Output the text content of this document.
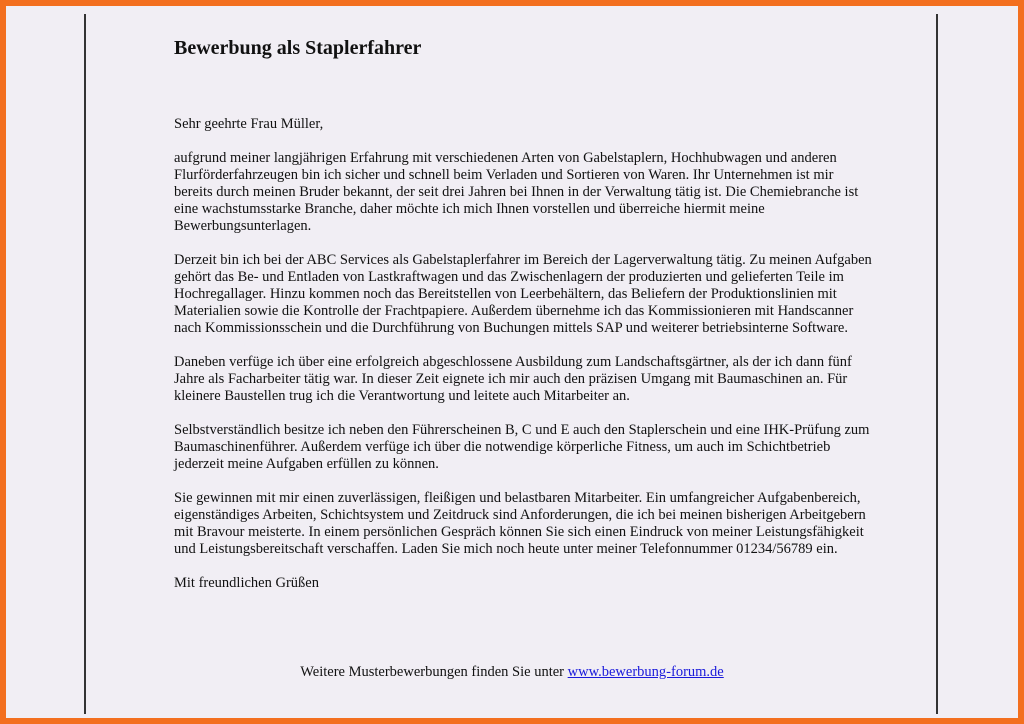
Bewerbung als Staplerfahrer

Sehr geehrte Frau Müller,

aufgrund meiner langjährigen Erfahrung mit verschiedenen Arten von Gabelstaplern, Hochhubwagen und anderen Flurförderfahrzeugen bin ich sicher und schnell beim Verladen und Sortieren von Waren. Ihr Unternehmen ist mir bereits durch meinen Bruder bekannt, der seit drei Jahren bei Ihnen in der Verwaltung tätig ist. Die Chemiebranche ist eine wachstumsstarke Branche, daher möchte ich mich Ihnen vorstellen und überreiche hiermit meine Bewerbungsunterlagen.

Derzeit bin ich bei der ABC Services als Gabelstaplerfahrer im Bereich der Lagerverwaltung tätig. Zu meinen Aufgaben gehört das Be- und Entladen von Lastkraftwagen und das Zwischenlagern der produzierten und gelieferten Teile im Hochregallager. Hinzu kommen noch das Bereitstellen von Leerbehältern, das Beliefern der Produktionslinien mit Materialien sowie die Kontrolle der Frachtpapiere. Außerdem übernehme ich das Kommissionieren mit Handscanner nach Kommissionsschein und die Durchführung von Buchungen mittels SAP und weiterer betriebsinterne Software.

Daneben verfüge ich über eine erfolgreich abgeschlossene Ausbildung zum Landschaftsgärtner, als der ich dann fünf Jahre als Facharbeiter tätig war. In dieser Zeit eignete ich mir auch den präzisen Umgang mit Baumaschinen an. Für kleinere Baustellen trug ich die Verantwortung und leitete auch Mitarbeiter an.

Selbstverständlich besitze ich neben den Führerscheinen B, C und E auch den Staplerschein und eine IHK-Prüfung zum Baumaschinenführer. Außerdem verfüge ich über die notwendige körperliche Fitness, um auch im Schichtbetrieb jederzeit meine Aufgaben erfüllen zu können.

Sie gewinnen mit mir einen zuverlässigen, fleißigen und belastbaren Mitarbeiter. Ein umfangreicher Aufgabenbereich, eigenständiges Arbeiten, Schichtsystem und Zeitdruck sind Anforderungen, die ich bei meinen bisherigen Arbeitgebern mit Bravour meisterte. In einem persönlichen Gespräch können Sie sich einen Eindruck von meiner Leistungsfähigkeit und Leistungsbereitschaft verschaffen. Laden Sie mich noch heute unter meiner Telefonnummer 01234/56789 ein.

Mit freundlichen Grüßen

Weitere Musterbewerbungen finden Sie unter www.bewerbung-forum.de
